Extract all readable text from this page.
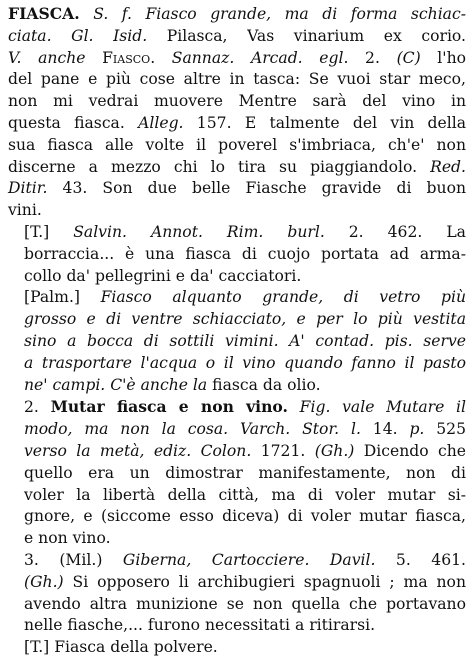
FIASCA. S. f. Fiasco grande, ma di forma schiac-
ciata. Gl. Isid. Pilasca, Vas vinarium ex corio.
V. anche Fiasco. Sannaz. Arcad. egl. 2. (C) l'ho
del pane e più cose altre in tasca: Se vuoi star meco,
non mi vedrai muovere Mentre sarà del vino in
questa fiasca. Alleg. 157. E talmente del vin della
sua fiasca alle volte il poverel s'imbriaca, ch'e' non
discerne a mezzo chi lo tira su piaggiandolo. Red.
Ditir. 43. Son due belle Fiasche gravide di buon
vini.
[T.] Salvin. Annot. Rim. burl. 2. 462. La
borraccia... è una fiasca di cuojo portata ad arma-
collo da' pellegrini e da' cacciatori.
[Palm.] Fiasco alquanto grande, di vetro più
grosso e di ventre schiacciato, e per lo più vestita
sino a bocca di sottili vimini. A' contad. pis. serve
a trasportare l'acqua o il vino quando fanno il pasto
ne' campi. C'è anche la fiasca da olio.
2. Mutar fiasca e non vino. Fig. vale Mutare il
modo, ma non la cosa. Varch. Stor. l. 14. p. 525
verso la metà, ediz. Colon. 1721. (Gh.) Dicendo che
quello era un dimostrar manifestamente, non di
voler la libertà della città, ma di voler mutar si-
gnore, e (siccome esso diceva) di voler mutar fiasca,
e non vino.
3. (Mil.) Giberna, Cartocciere. Davil. 5. 461.
(Gh.) Si opposero li archibugieri spagnuoli ; ma non
avendo altra munizione se non quella che portavano
nelle fiasche,... furono necessitati a ritirarsi.
[T.] Fiasca della polvere.
